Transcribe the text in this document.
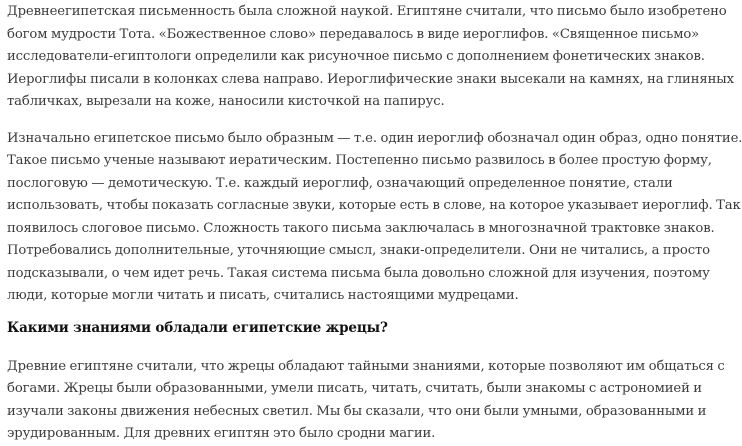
Древнеегипетская письменность была сложной наукой. Египтяне считали, что письмо было изобретено
богом мудрости Тота. «Божественное слово» передавалось в виде иероглифов. «Священное письмо»
исследователи-египтологи определили как рисуночное письмо с дополнением фонетических знаков.
Иероглифы писали в колонках слева направо. Иероглифические знаки высекали на камнях, на глиняных
табличках, вырезали на коже, наносили кисточкой на папирус.

Изначально египетское письмо было образным — т.е. один иероглиф обозначал один образ, одно понятие.
Такое письмо ученые называют иератическим. Постепенно письмо развилось в более простую форму,
послоговую — демотическую. Т.е. каждый иероглиф, означающий определенное понятие, стали
использовать, чтобы показать согласные звуки, которые есть в слове, на которое указывает иероглиф. Так
появилось слоговое письмо. Сложность такого письма заключалась в многозначной трактовке знаков.
Потребовались дополнительные, уточняющие смысл, знаки-определители. Они не читались, а просто
подсказывали, о чем идет речь. Такая система письма была довольно сложной для изучения, поэтому
люди, которые могли читать и писать, считались настоящими мудрецами.

Какими знаниями обладали египетские жрецы?

Древние египтяне считали, что жрецы обладают тайными знаниями, которые позволяют им общаться с
богами. Жрецы были образованными, умели писать, читать, считать, были знакомы с астрономией и
изучали законы движения небесных светил. Мы бы сказали, что они были умными, образованными и
эрудированным. Для древних египтян это было сродни магии.
